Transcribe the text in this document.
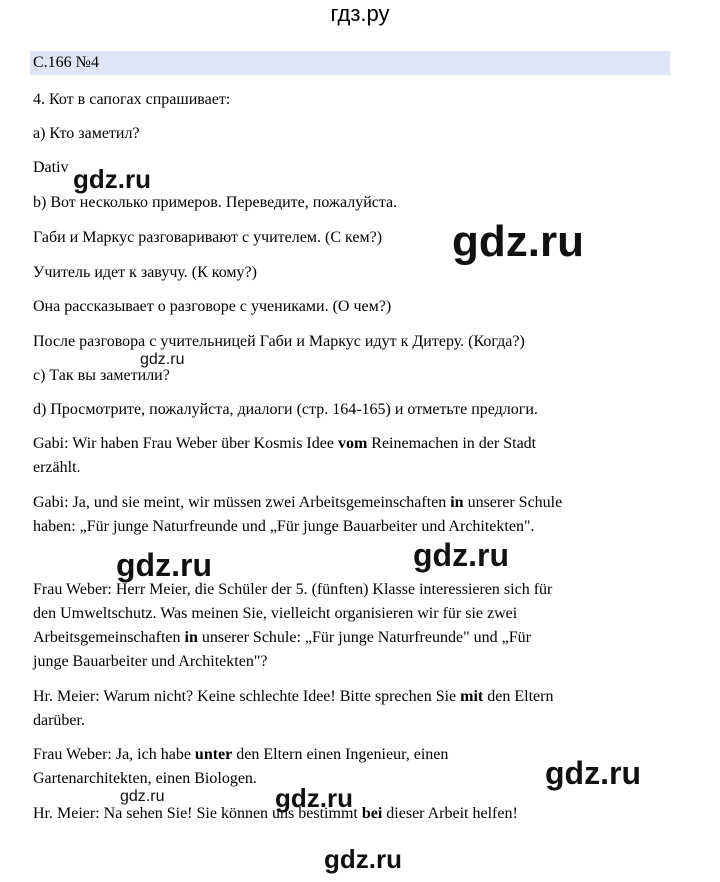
гдз.ру
С.166 №4
4. Кот в сапогах спрашивает:
a) Кто заметил?
Dativ
b) Вот несколько примеров. Переведите, пожалуйста.
Габи и Маркус разговаривают с учителем. (С кем?)
Учитель идет к завучу. (К кому?)
Она рассказывает о разговоре с учениками. (О чем?)
После разговора с учительницей Габи и Маркус идут к Дитеру. (Когда?)
c) Так вы заметили?
d) Просмотрите, пожалуйста, диалоги (стр. 164-165) и отметьте предлоги.
Gabi: Wir haben Frau Weber über Kosmis Idee vom Reinemachen in der Stadt
erzählt.
Gabi: Ja, und sie meint, wir müssen zwei Arbeitsgemeinschaften in unserer Schule
haben: „Für junge Naturfreunde und „Für junge Bauarbeiter und Architekten".
Frau Weber: Herr Meier, die Schüler der 5. (fünften) Klasse interessieren sich für
den Umweltschutz. Was meinen Sie, vielleicht organisieren wir für sie zwei
Arbeitsgemeinschaften in unserer Schule: „Für junge Naturfreunde" und „Für
junge Bauarbeiter und Architekten"?
Hr. Meier: Warum nicht? Keine schlechte Idee! Bitte sprechen Sie mit den Eltern
darüber.
Frau Weber: Ja, ich habe unter den Eltern einen Ingenieur, einen
Gartenarchitekten, einen Biologen.
Hr. Meier: Na sehen Sie! Sie können uns bestimmt bei dieser Arbeit helfen!
gdz.ru
gdz.ru
gdz.ru
gdz.ru	gdz.ru
gdz.ru
gdz.ru	gdz.ru
gdz.ru
